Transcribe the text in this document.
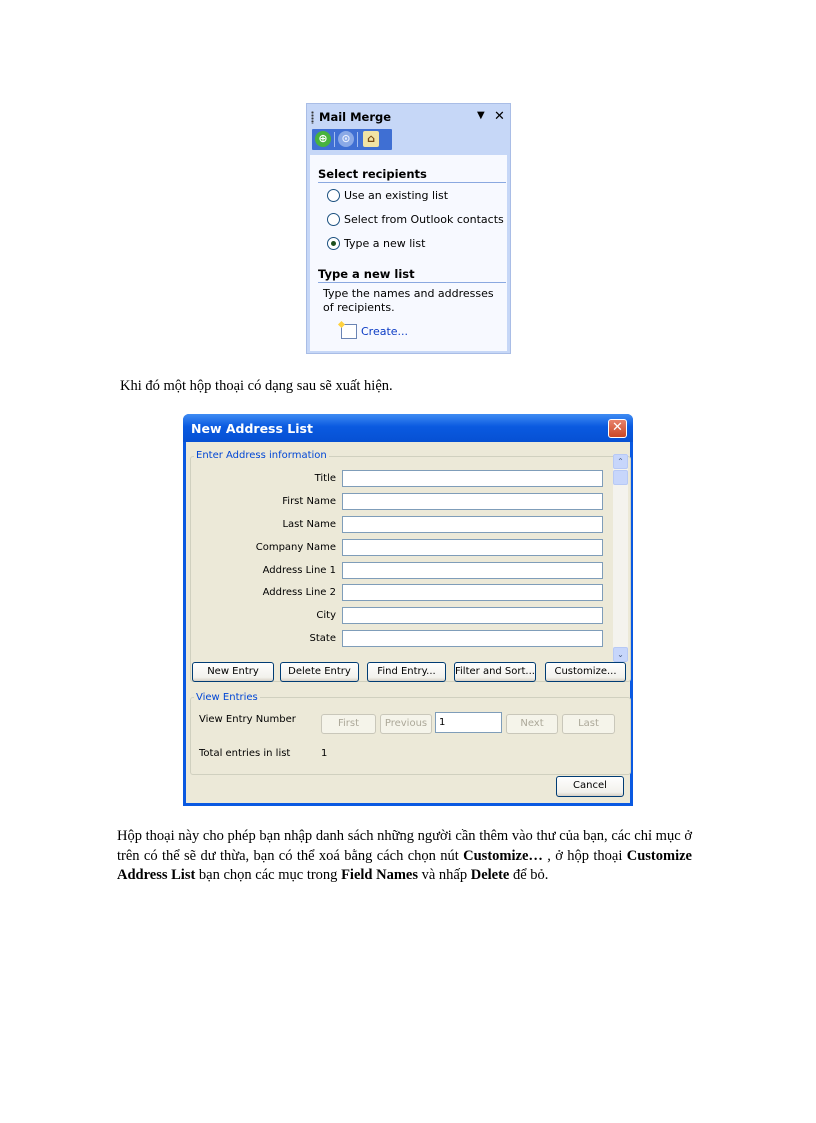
Mail Merge	▼ ✕
⊕	⊙	⌂
Select recipients
Use an existing list
Select from Outlook contacts
Type a new list
Type a new list
Type the names and addresses of recipients.
Create...
Khi đó một hộp thoại có dạng sau sẽ xuất hiện.
New Address List	✕
Enter Address information
Title
First Name
Last Name
Company Name
Address Line 1
Address Line 2
City
State
⌃
⌄
New Entry	Delete Entry	Find Entry...	Filter and Sort...	Customize...
View Entries
View Entry Number	First	Previous	1	Next	Last
Total entries in list	1
Cancel
Hộp thoại này cho phép bạn nhập danh sách những người cần thêm vào thư của bạn, các chỉ mục ở trên có thể sẽ dư thừa, bạn có thể xoá bằng cách chọn nút Customize… , ở hộp thoại Customize Address List bạn chọn các mục trong Field Names và nhấp Delete để bỏ.
